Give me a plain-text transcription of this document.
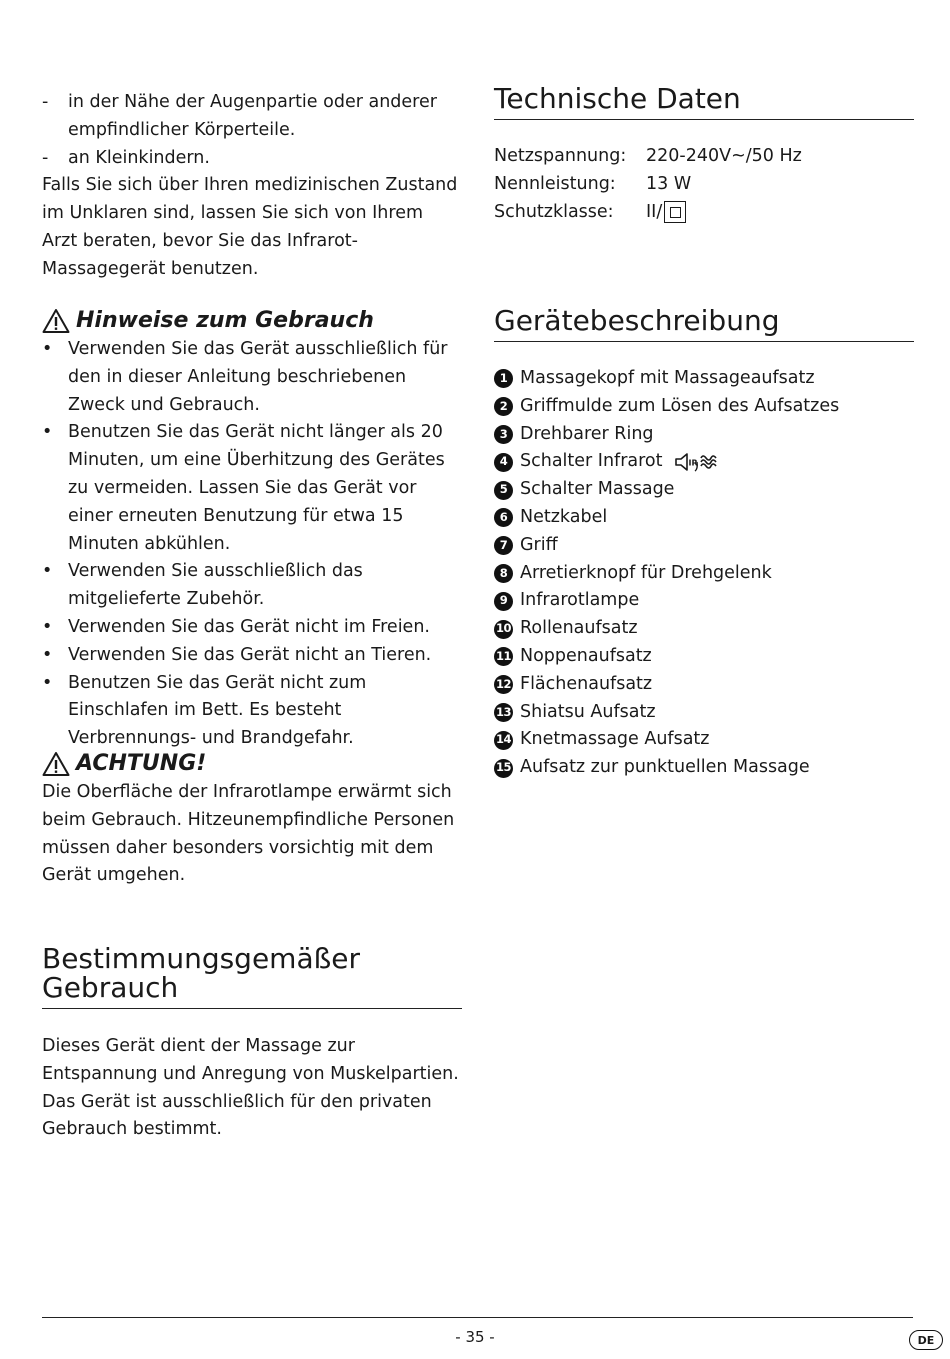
- in der Nähe der Augenpartie oder anderer empfindlicher Körperteile.
- an Kleinkindern.

Falls Sie sich über Ihren medizinischen Zustand im Unklaren sind, lassen Sie sich von Ihrem Arzt beraten, bevor Sie das Infrarot-Massagegerät benutzen.

Hinweise zum Gebrauch
• Verwenden Sie das Gerät ausschließlich für den in dieser Anleitung beschriebenen Zweck und Gebrauch.
• Benutzen Sie das Gerät nicht länger als 20 Minuten, um eine Überhitzung des Gerätes zu vermeiden. Lassen Sie das Gerät vor einer erneuten Benutzung für etwa 15 Minuten abkühlen.
• Verwenden Sie ausschließlich das mitgelieferte Zubehör.
• Verwenden Sie das Gerät nicht im Freien.
• Verwenden Sie das Gerät nicht an Tieren.
• Benutzen Sie das Gerät nicht zum Einschlafen im Bett. Es besteht Verbrennungs- und Brandgefahr.
ACHTUNG!

Die Oberfläche der Infrarotlampe erwärmt sich beim Gebrauch. Hitzeunempfindliche Personen müssen daher besonders vorsichtig mit dem Gerät umgehen.

Bestimmungsgemäßer
Gebrauch

Dieses Gerät dient der Massage zur Entspannung und Anregung von Muskelpartien. Das Gerät ist ausschließlich für den privaten Gebrauch bestimmt.

Technische Daten
Netzspannung:	220-240V~/50 Hz
Nennleistung:	13 W
Schutzklasse:	II/
Gerätebeschreibung
1 Massagekopf mit Massageaufsatz
2 Griffmulde zum Lösen des Aufsatzes
3 Drehbarer Ring
4 Schalter Infrarot	IR
5 Schalter Massage
6 Netzkabel
7 Griff
8 Arretierknopf für Drehgelenk
9 Infrarotlampe
10 Rollenaufsatz
11 Noppenaufsatz
12 Flächenaufsatz
13 Shiatsu Aufsatz
14 Knetmassage Aufsatz
15 Aufsatz zur punktuellen Massage
- 35 -	DE
